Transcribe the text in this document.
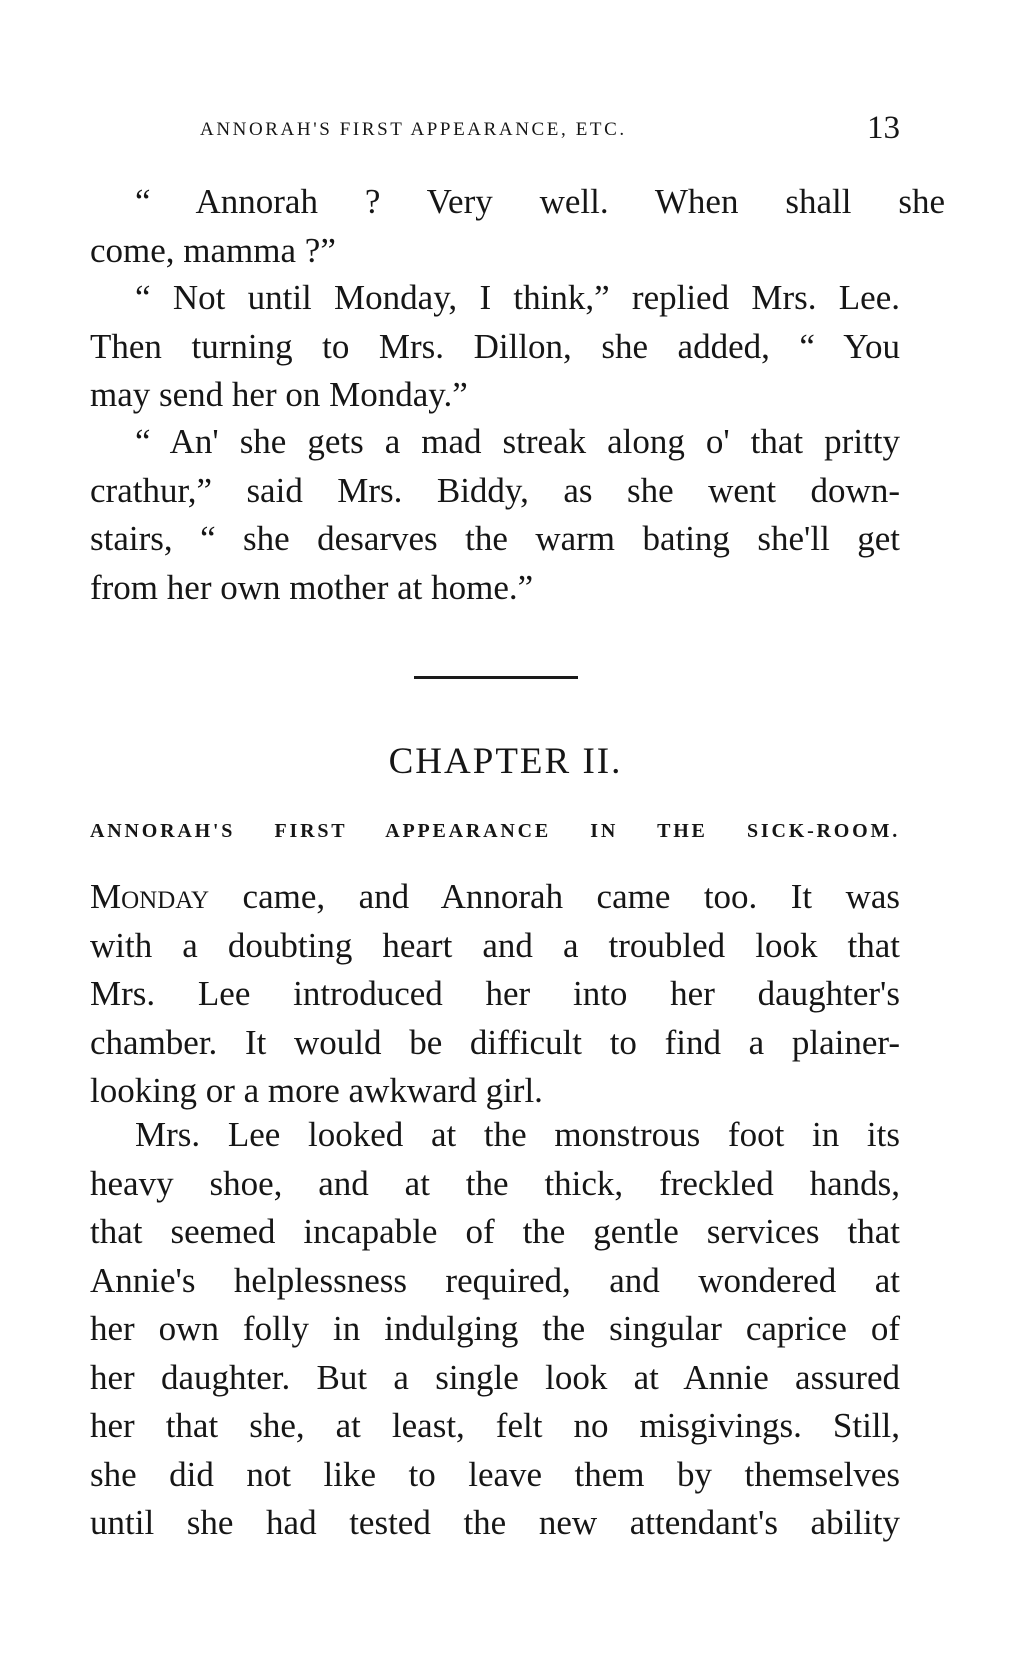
ANNORAH'S FIRST APPEARANCE, ETC.	13

“ Annorah ? Very well. When shall she
come, mamma ?”

“ Not until Monday, I think,” replied Mrs. Lee.
Then turning to Mrs. Dillon, she added, “ You
may send her on Monday.”

“ An' she gets a mad streak along o' that pritty
crathur,” said Mrs. Biddy, as she went down-
stairs, “ she desarves the warm bating she'll get
from her own mother at home.”

CHAPTER II.
ANNORAH'S FIRST APPEARANCE IN THE SICK-ROOM.

Monday came, and Annorah came too. It was
with a doubting heart and a troubled look that
Mrs. Lee introduced her into her daughter's
chamber. It would be difficult to find a plainer-
looking or a more awkward girl.

Mrs. Lee looked at the monstrous foot in its
heavy shoe, and at the thick, freckled hands,
that seemed incapable of the gentle services that
Annie's helplessness required, and wondered at
her own folly in indulging the singular caprice of
her daughter. But a single look at Annie assured
her that she, at least, felt no misgivings. Still,
she did not like to leave them by themselves
until she had tested the new attendant's ability
